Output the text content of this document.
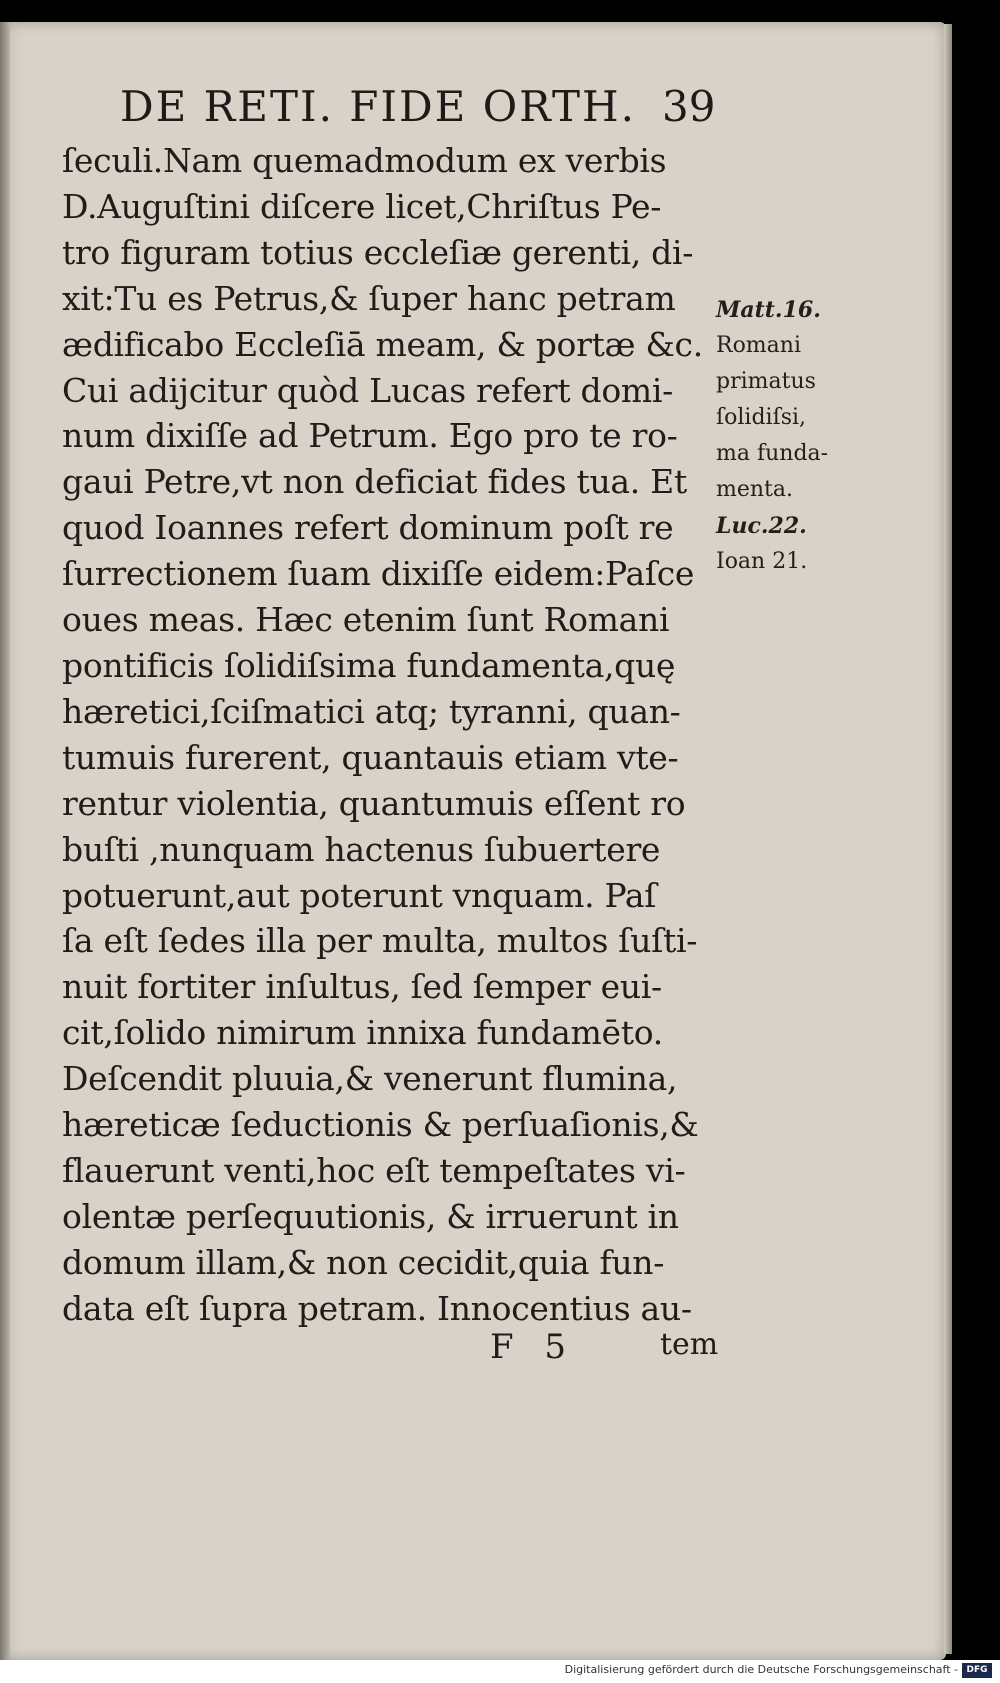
DE RETI. FIDE ORTH. 39
ſeculi.Nam quemadmodum ex verbis
D.Auguſtini diſcere licet,Chriſtus Pe-
tro figuram totius eccleſiæ gerenti, di-
xit:Tu es Petrus,& ſuper hanc petram
ædificabo Eccleſiā meam, & portæ &c.
Cui adijcitur quòd Lucas refert domi-
num dixiſſe ad Petrum. Ego pro te ro-
gaui Petre,vt non deficiat fides tua. Et
quod Ioannes refert dominum poſt re
ſurrectionem ſuam dixiſſe eidem:Paſce
oues meas. Hæc etenim ſunt Romani
pontificis ſolidiſsima fundamenta,quę
hæretici,ſciſmatici atq; tyranni, quan-
tumuis furerent, quantauis etiam vte-
rentur violentia, quantumuis eſſent ro
buſti ,nunquam hactenus ſubuertere
potuerunt,aut poterunt vnquam. Paſ
ſa eſt ſedes illa per multa, multos ſuſti-
nuit fortiter inſultus, ſed ſemper eui-
cit,ſolido nimirum innixa fundamēto.
Deſcendit pluuia,& venerunt flumina,
hæreticæ ſeductionis & perſuaſionis,&
flauerunt venti,hoc eſt tempeſtates vi-
olentæ perſequutionis, & irruerunt in
domum illam,& non cecidit,quia fun-
data eſt ſupra petram. Innocentius au-
Matt.16.
Romani
primatus
ſolidiſsi,
ma funda-
menta.
Luc.22.
Ioan 21.
F 5	tem
Digitalisierung gefördert durch die Deutsche Forschungsgemeinschaft - DFG
